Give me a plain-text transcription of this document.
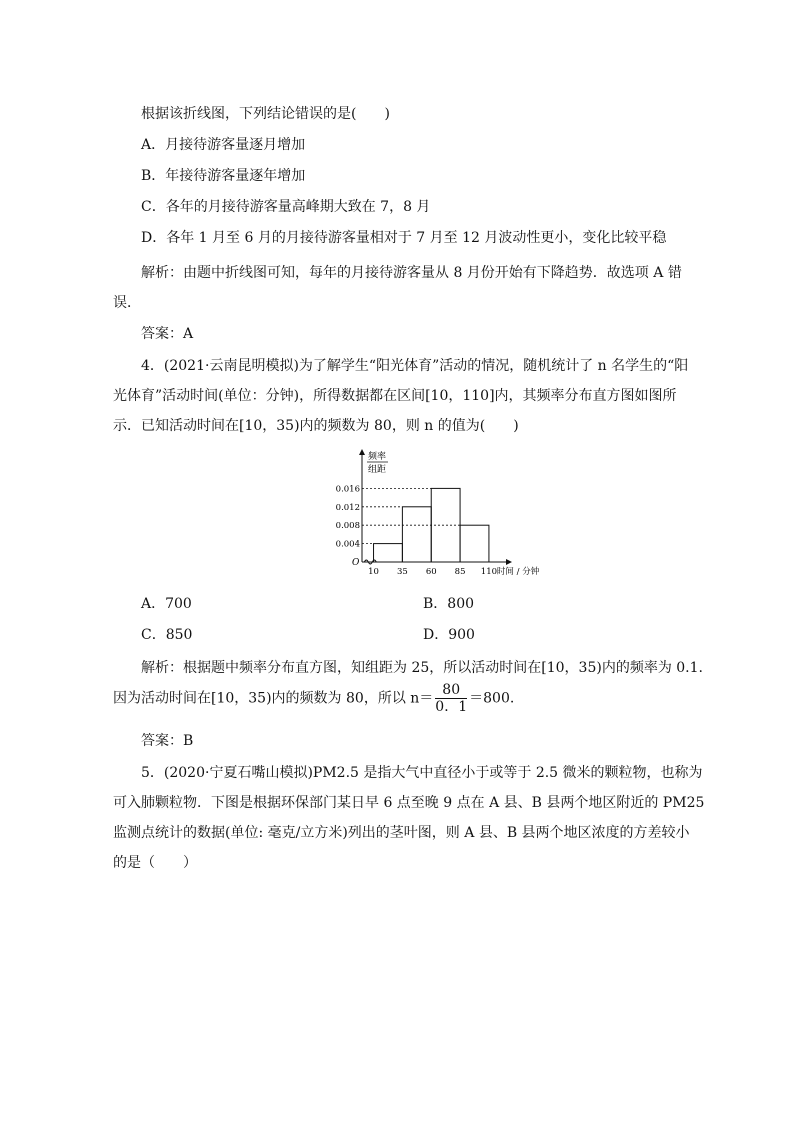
根据该折线图，下列结论错误的是(　　)
A．月接待游客量逐月增加
B．年接待游客量逐年增加
C．各年的月接待游客量高峰期大致在 7，8 月
D．各年 1 月至 6 月的月接待游客量相对于 7 月至 12 月波动性更小，变化比较平稳
解析：由题中折线图可知，每年的月接待游客量从 8 月份开始有下降趋势．故选项 A 错
误．
答案：A
4．(2021·云南昆明模拟)为了解学生“阳光体育”活动的情况，随机统计了 n 名学生的“阳
光体育”活动时间(单位：分钟)，所得数据都在区间[10，110]内，其频率分布直方图如图所
示．已知活动时间在[10，35)内的频数为 80，则 n 的值为(　　)
频率
组距
O
0.004
0.008
0.012
0.016
10 35 60 85 110 时间 / 分钟
A．700	B．800
C．850	D．900
解析：根据题中频率分布直方图，知组距为 25，所以活动时间在[10，35)内的频率为 0.1.
因为活动时间在[10，35)内的频数为 80，所以 $n= \frac{80}{0.1} =800$.
答案：B
5．(2020·宁夏石嘴山模拟)PM2.5 是指大气中直径小于或等于 2.5 微米的颗粒物，也称为
可入肺颗粒物．下图是根据环保部门某日早 6 点至晚 9 点在 A 县、B 县两个地区附近的 PM25
监测点统计的数据(单位: 毫克/立方米)列出的茎叶图，则 A 县、B 县两个地区浓度的方差较小
的是（　　）
